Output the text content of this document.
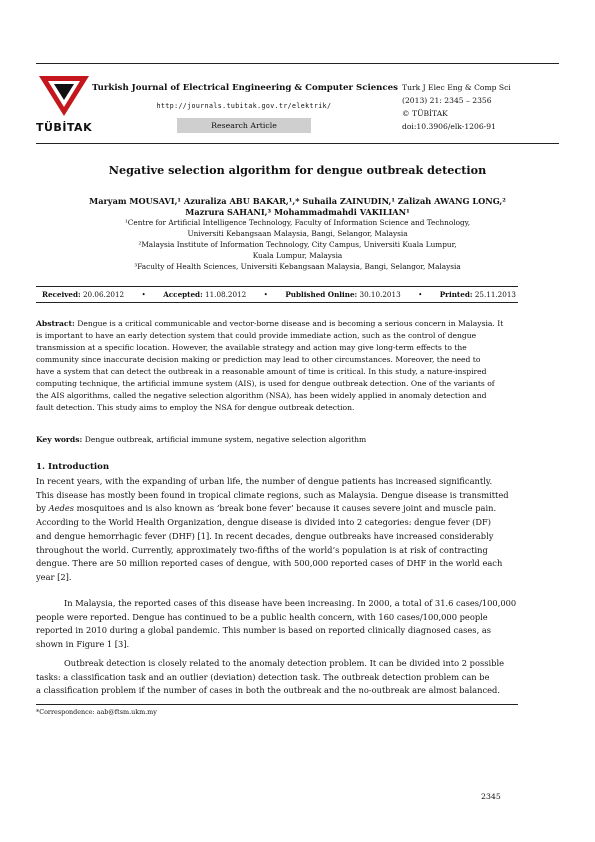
TÜBİTAK
Turkish Journal of Electrical Engineering & Computer Sciences
http://journals.tubitak.gov.tr/elektrik/
Research Article
Turk J Elec Eng & Comp Sci
(2013) 21: 2345 – 2356
© TÜBİTAK
doi:10.3906/elk-1206-91
Negative selection algorithm for dengue outbreak detection
Maryam MOUSAVI,¹ Azuraliza ABU BAKAR,¹,* Suhaila ZAINUDIN,¹ Zalizah AWANG LONG,²
Mazrura SAHANI,³ Mohammadmahdi VAKILIAN¹
¹Centre for Artificial Intelligence Technology, Faculty of Information Science and Technology,
Universiti Kebangsaan Malaysia, Bangi, Selangor, Malaysia
²Malaysia Institute of Information Technology, City Campus, Universiti Kuala Lumpur,
Kuala Lumpur, Malaysia
³Faculty of Health Sciences, Universiti Kebangsaan Malaysia, Bangi, Selangor, Malaysia
Received: 20.06.2012 • Accepted: 11.08.2012 • Published Online: 30.10.2013 • Printed: 25.11.2013
Abstract: Dengue is a critical communicable and vector-borne disease and is becoming a serious concern in Malaysia. It
is important to have an early detection system that could provide immediate action, such as the control of dengue
transmission at a specific location. However, the available strategy and action may give long-term effects to the
community since inaccurate decision making or prediction may lead to other circumstances. Moreover, the need to
have a system that can detect the outbreak in a reasonable amount of time is critical. In this study, a nature-inspired
computing technique, the artificial immune system (AIS), is used for dengue outbreak detection. One of the variants of
the AIS algorithms, called the negative selection algorithm (NSA), has been widely applied in anomaly detection and
fault detection. This study aims to employ the NSA for dengue outbreak detection.
Key words: Dengue outbreak, artificial immune system, negative selection algorithm
1. Introduction
In recent years, with the expanding of urban life, the number of dengue patients has increased significantly.
This disease has mostly been found in tropical climate regions, such as Malaysia. Dengue disease is transmitted
by Aedes mosquitoes and is also known as ‘break bone fever’ because it causes severe joint and muscle pain.
According to the World Health Organization, dengue disease is divided into 2 categories: dengue fever (DF)
and dengue hemorrhagic fever (DHF) [1]. In recent decades, dengue outbreaks have increased considerably
throughout the world. Currently, approximately two-fifths of the world’s population is at risk of contracting
dengue. There are 50 million reported cases of dengue, with 500,000 reported cases of DHF in the world each
year [2].
In Malaysia, the reported cases of this disease have been increasing. In 2000, a total of 31.6 cases/100,000
people were reported. Dengue has continued to be a public health concern, with 160 cases/100,000 people
reported in 2010 during a global pandemic. This number is based on reported clinically diagnosed cases, as
shown in Figure 1 [3].
Outbreak detection is closely related to the anomaly detection problem. It can be divided into 2 possible
tasks: a classification task and an outlier (deviation) detection task. The outbreak detection problem can be
a classification problem if the number of cases in both the outbreak and the no-outbreak are almost balanced.
*Correspondence: aab@ftsm.ukm.my
2345
